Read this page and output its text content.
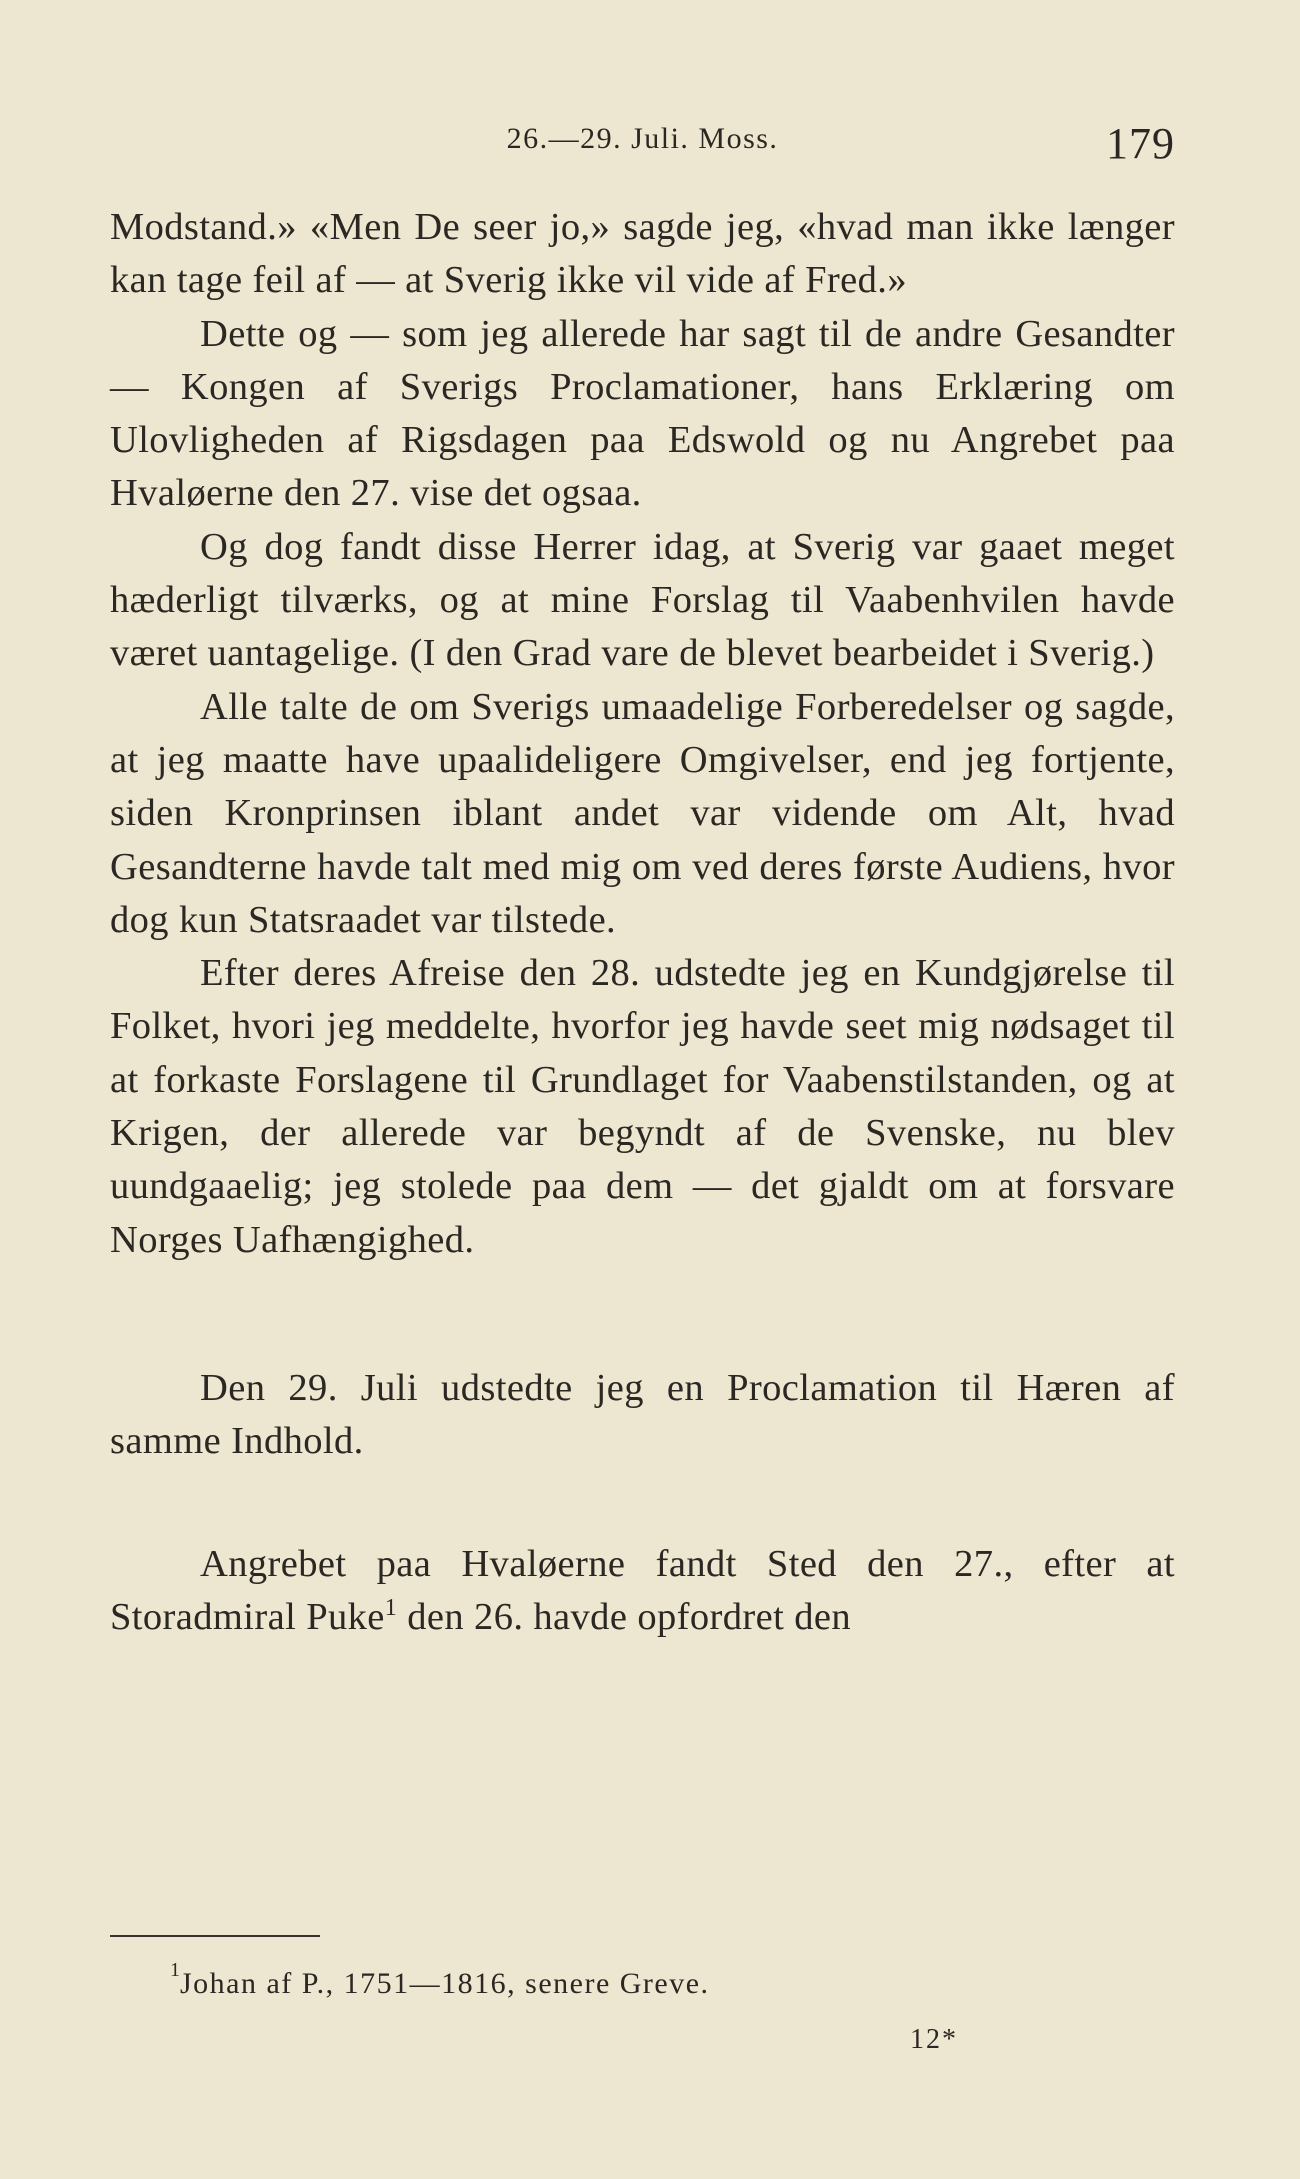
26.—29. Juli. Moss.	179

Modstand.» «Men De seer jo,» sagde jeg, «hvad man ikke længer kan tage feil af — at Sverig ikke vil vide af Fred.»

Dette og — som jeg allerede har sagt til de andre Gesandter — Kongen af Sverigs Proclamationer, hans Erklæring om Ulovligheden af Rigsdagen paa Edswold og nu Angrebet paa Hvaløerne den 27. vise det ogsaa.

Og dog fandt disse Herrer idag, at Sverig var gaaet meget hæderligt tilværks, og at mine Forslag til Vaabenhvilen havde været uantagelige. (I den Grad vare de blevet bearbeidet i Sverig.)

Alle talte de om Sverigs umaadelige Forberedelser og sagde, at jeg maatte have upaalideligere Omgivelser, end jeg fortjente, siden Kronprinsen iblant andet var vidende om Alt, hvad Gesandterne havde talt med mig om ved deres første Audiens, hvor dog kun Statsraadet var tilstede.

Efter deres Afreise den 28. udstedte jeg en Kundgjørelse til Folket, hvori jeg meddelte, hvorfor jeg havde seet mig nødsaget til at forkaste Forslagene til Grundlaget for Vaabenstilstanden, og at Krigen, der allerede var begyndt af de Svenske, nu blev uundgaaelig; jeg stolede paa dem — det gjaldt om at forsvare Norges Uafhængighed.

Den 29. Juli udstedte jeg en Proclamation til Hæren af samme Indhold.

Angrebet paa Hvaløerne fandt Sted den 27., efter at Storadmiral Puke$^1$ den 26. havde opfordret den

1
Johan af P., 1751—1816, senere Greve.
12*
